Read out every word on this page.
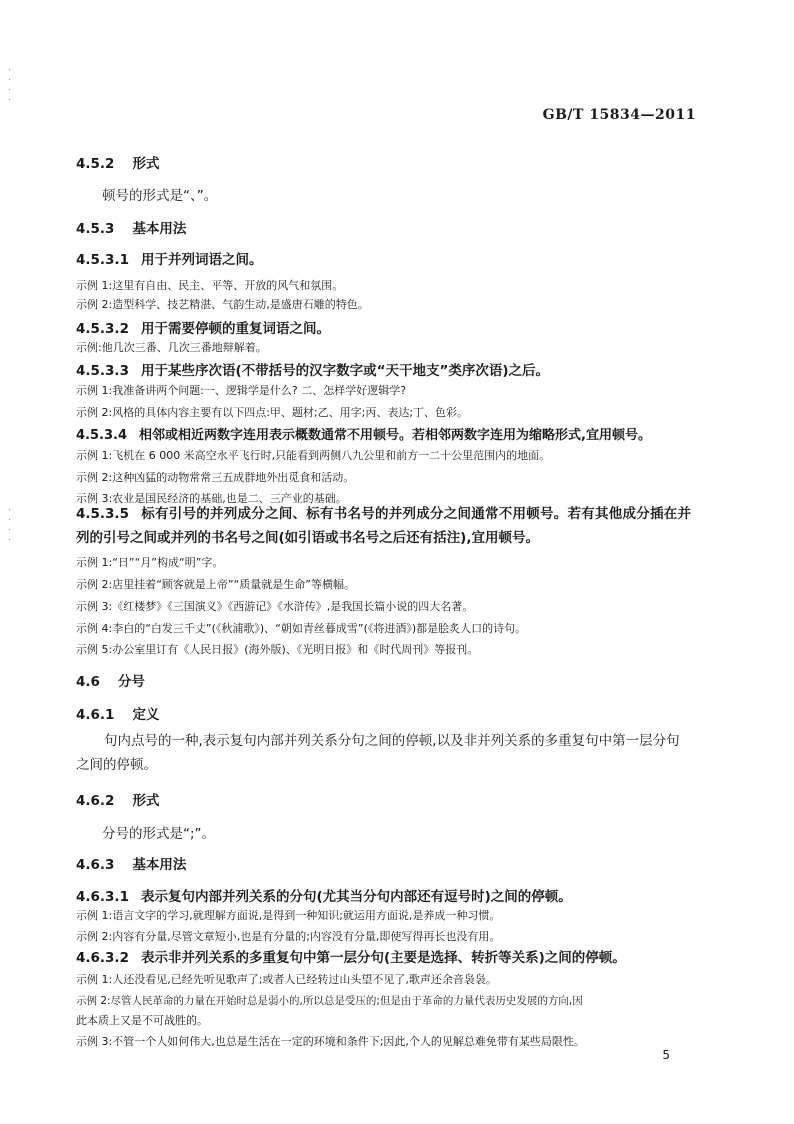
·
·
·
·
·
·
·
·
GB/T 15834—2011
4.5.2 形式
顿号的形式是“、”。
4.5.3 基本用法
4.5.3.1 用于并列词语之间。
示例 1:这里有自由、民主、平等、开放的风气和氛围。
示例 2:造型科学、技艺精湛、气韵生动,是盛唐石雕的特色。
4.5.3.2 用于需要停顿的重复词语之间。
示例:他几次三番、几次三番地辩解着。
4.5.3.3 用于某些序次语(不带括号的汉字数字或“天干地支”类序次语)之后。
示例 1:我准备讲两个问题:一、逻辑学是什么? 二、怎样学好逻辑学?
示例 2:风格的具体内容主要有以下四点:甲、题材;乙、用字;丙、表达;丁、色彩。
4.5.3.4 相邻或相近两数字连用表示概数通常不用顿号。若相邻两数字连用为缩略形式,宜用顿号。
示例 1:飞机在 6 000 米高空水平飞行时,只能看到两侧八九公里和前方一二十公里范围内的地面。
示例 2:这种凶猛的动物常常三五成群地外出觅食和活动。
示例 3:农业是国民经济的基础,也是二、三产业的基础。
4.5.3.5 标有引号的并列成分之间、标有书名号的并列成分之间通常不用顿号。若有其他成分插在并列的引号之间或并列的书名号之间(如引语或书名号之后还有括注),宜用顿号。
示例 1:“日”“月”构成“明”字。
示例 2:店里挂着“顾客就是上帝”“质量就是生命”等横幅。
示例 3:《红楼梦》《三国演义》《西游记》《水浒传》,是我国长篇小说的四大名著。
示例 4:李白的“白发三千丈”(《秋浦歌》)、“朝如青丝暮成雪”(《将进酒》)都是脍炙人口的诗句。
示例 5:办公室里订有《人民日报》(海外版)、《光明日报》和《时代周刊》等报刊。
4.6 分号
4.6.1 定义
句内点号的一种,表示复句内部并列关系分句之间的停顿,以及非并列关系的多重复句中第一层分句之间的停顿。
4.6.2 形式
分号的形式是“;”。
4.6.3 基本用法
4.6.3.1 表示复句内部并列关系的分句(尤其当分句内部还有逗号时)之间的停顿。
示例 1:语言文字的学习,就理解方面说,是得到一种知识;就运用方面说,是养成一种习惯。
示例 2:内容有分量,尽管文章短小,也是有分量的;内容没有分量,即使写得再长也没有用。
4.6.3.2 表示非并列关系的多重复句中第一层分句(主要是选择、转折等关系)之间的停顿。
示例 1:人还没看见,已经先听见歌声了;或者人已经转过山头望不见了,歌声还余音袅袅。
示例 2:尽管人民革命的力量在开始时总是弱小的,所以总是受压的;但是由于革命的力量代表历史发展的方向,因
此本质上又是不可战胜的。
示例 3:不管一个人如何伟大,也总是生活在一定的环境和条件下;因此,个人的见解总难免带有某些局限性。
5
